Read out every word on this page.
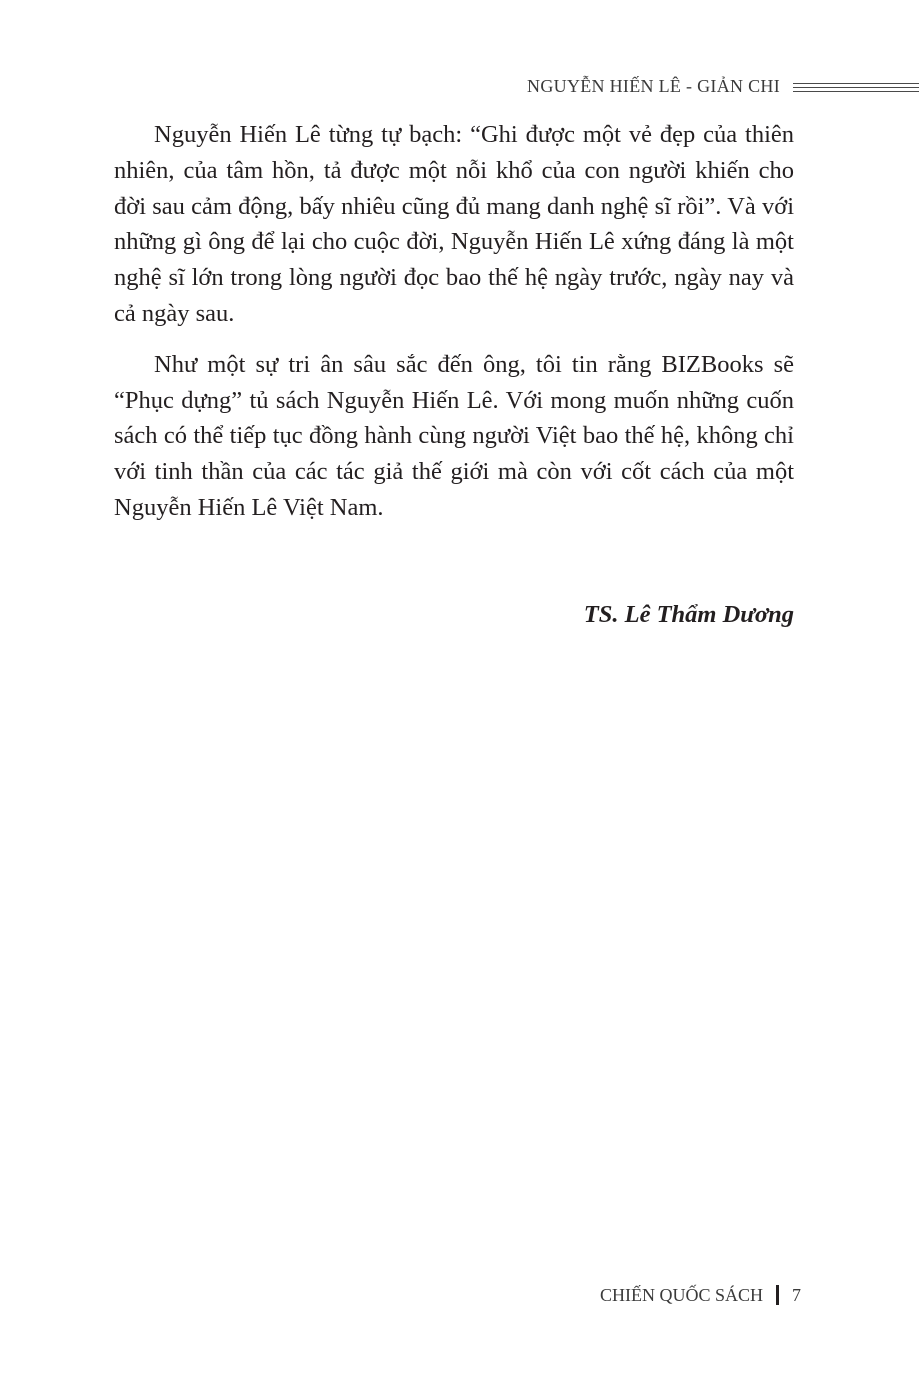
NGUYỄN HIẾN LÊ - GIẢN CHI

Nguyễn Hiến Lê từng tự bạch: “Ghi được một vẻ đẹp của thiên nhiên, của tâm hồn, tả được một nỗi khổ của con người khiến cho đời sau cảm động, bấy nhiêu cũng đủ mang danh nghệ sĩ rồi”. Và với những gì ông để lại cho cuộc đời, Nguyễn Hiến Lê xứng đáng là một nghệ sĩ lớn trong lòng người đọc bao thế hệ ngày trước, ngày nay và cả ngày sau.

Như một sự tri ân sâu sắc đến ông, tôi tin rằng BIZBooks sẽ “Phục dựng” tủ sách Nguyễn Hiến Lê. Với mong muốn những cuốn sách có thể tiếp tục đồng hành cùng người Việt bao thế hệ, không chỉ với tinh thần của các tác giả thế giới mà còn với cốt cách của một Nguyễn Hiến Lê Việt Nam.

TS. Lê Thẩm Dương
CHIẾN QUỐC SÁCH 7
